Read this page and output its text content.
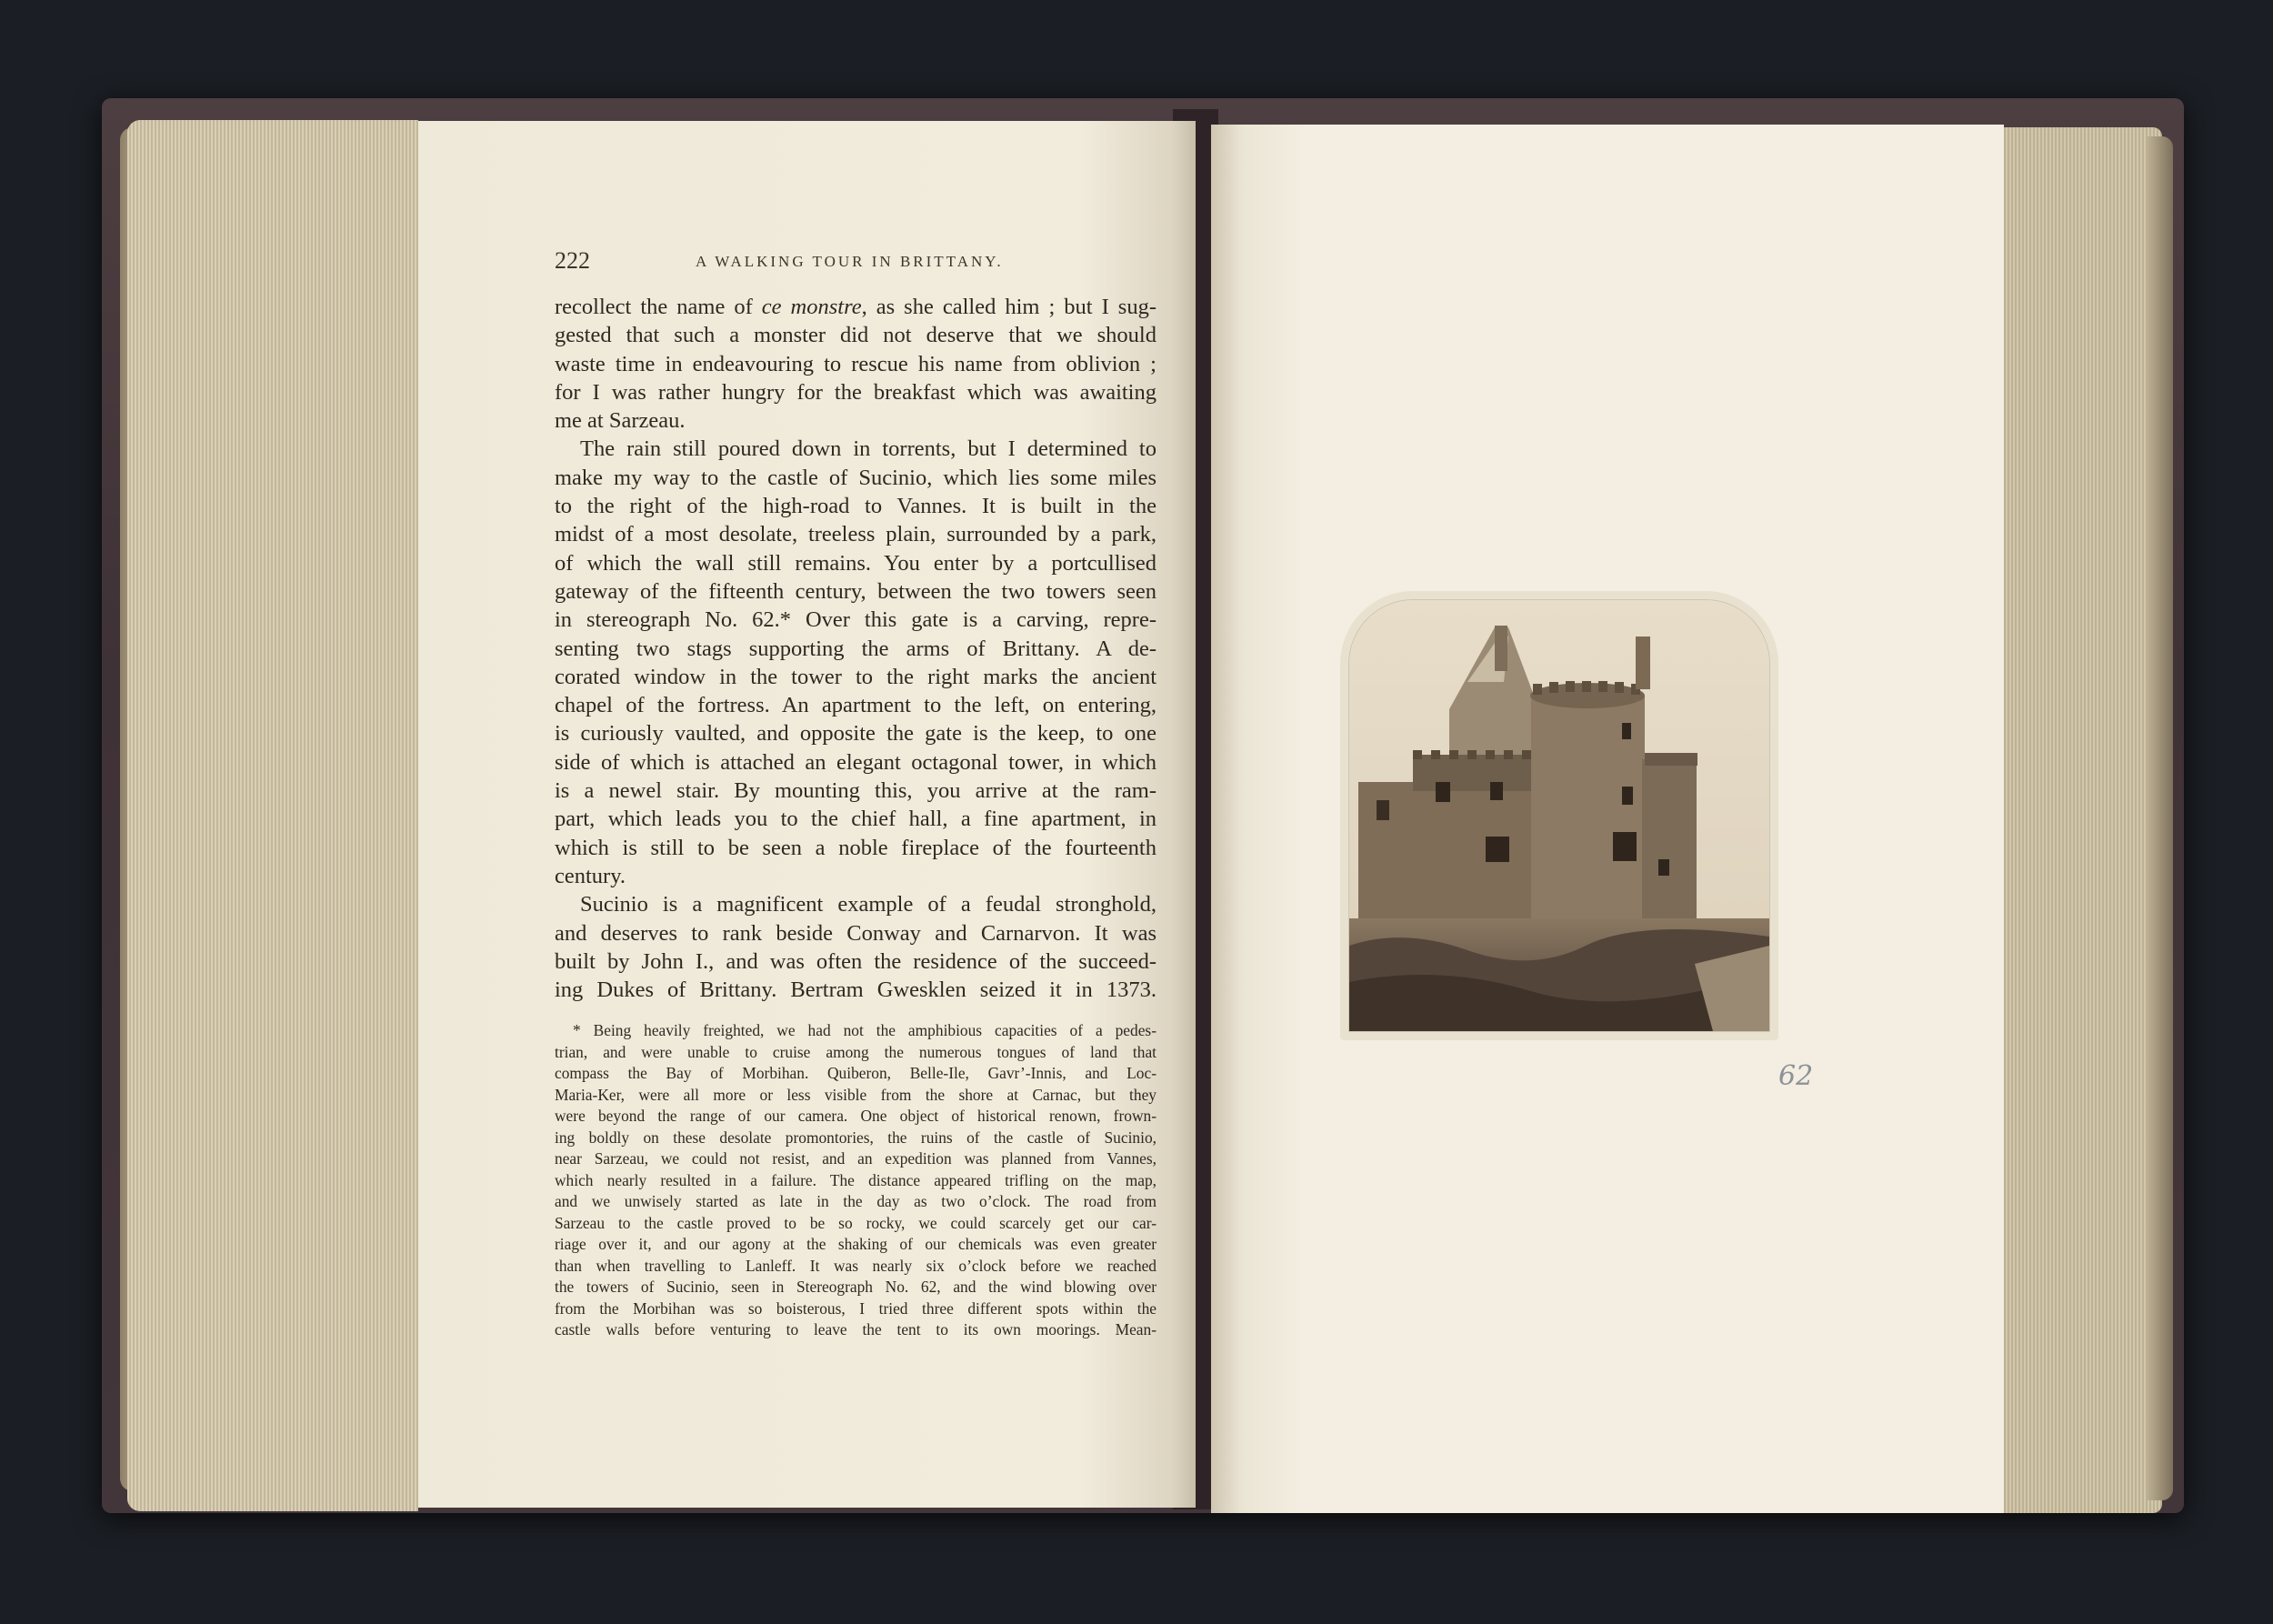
222	A WALKING TOUR IN BRITTANY.

recollect the name of ce monstre, as she called him ; but I sug-

gested that such a monster did not deserve that we should

waste time in endeavouring to rescue his name from oblivion ;

for I was rather hungry for the breakfast which was awaiting

me at Sarzeau.

The rain still poured down in torrents, but I determined to

make my way to the castle of Sucinio, which lies some miles

to the right of the high-road to Vannes. It is built in the

midst of a most desolate, treeless plain, surrounded by a park,

of which the wall still remains. You enter by a portcullised

gateway of the fifteenth century, between the two towers seen

in stereograph No. 62.* Over this gate is a carving, repre-

senting two stags supporting the arms of Brittany. A de-

corated window in the tower to the right marks the ancient

chapel of the fortress. An apartment to the left, on entering,

is curiously vaulted, and opposite the gate is the keep, to one

side of which is attached an elegant octagonal tower, in which

is a newel stair. By mounting this, you arrive at the ram-

part, which leads you to the chief hall, a fine apartment, in

which is still to be seen a noble fireplace of the fourteenth

century.

Sucinio is a magnificent example of a feudal stronghold,

and deserves to rank beside Conway and Carnarvon. It was

built by John I., and was often the residence of the succeed-

ing Dukes of Brittany. Bertram Gwesklen seized it in 1373.

* Being heavily freighted, we had not the amphibious capacities of a pedes-

trian, and were unable to cruise among the numerous tongues of land that

compass the Bay of Morbihan. Quiberon, Belle-Ile, Gavr’-Innis, and Loc-

Maria-Ker, were all more or less visible from the shore at Carnac, but they

were beyond the range of our camera. One object of historical renown, frown-

ing boldly on these desolate promontories, the ruins of the castle of Sucinio,

near Sarzeau, we could not resist, and an expedition was planned from Vannes,

which nearly resulted in a failure. The distance appeared trifling on the map,

and we unwisely started as late in the day as two o’clock. The road from

Sarzeau to the castle proved to be so rocky, we could scarcely get our car-

riage over it, and our agony at the shaking of our chemicals was even greater

than when travelling to Lanleff. It was nearly six o’clock before we reached

the towers of Sucinio, seen in Stereograph No. 62, and the wind blowing over

from the Morbihan was so boisterous, I tried three different spots within the

castle walls before venturing to leave the tent to its own moorings. Mean-

62
